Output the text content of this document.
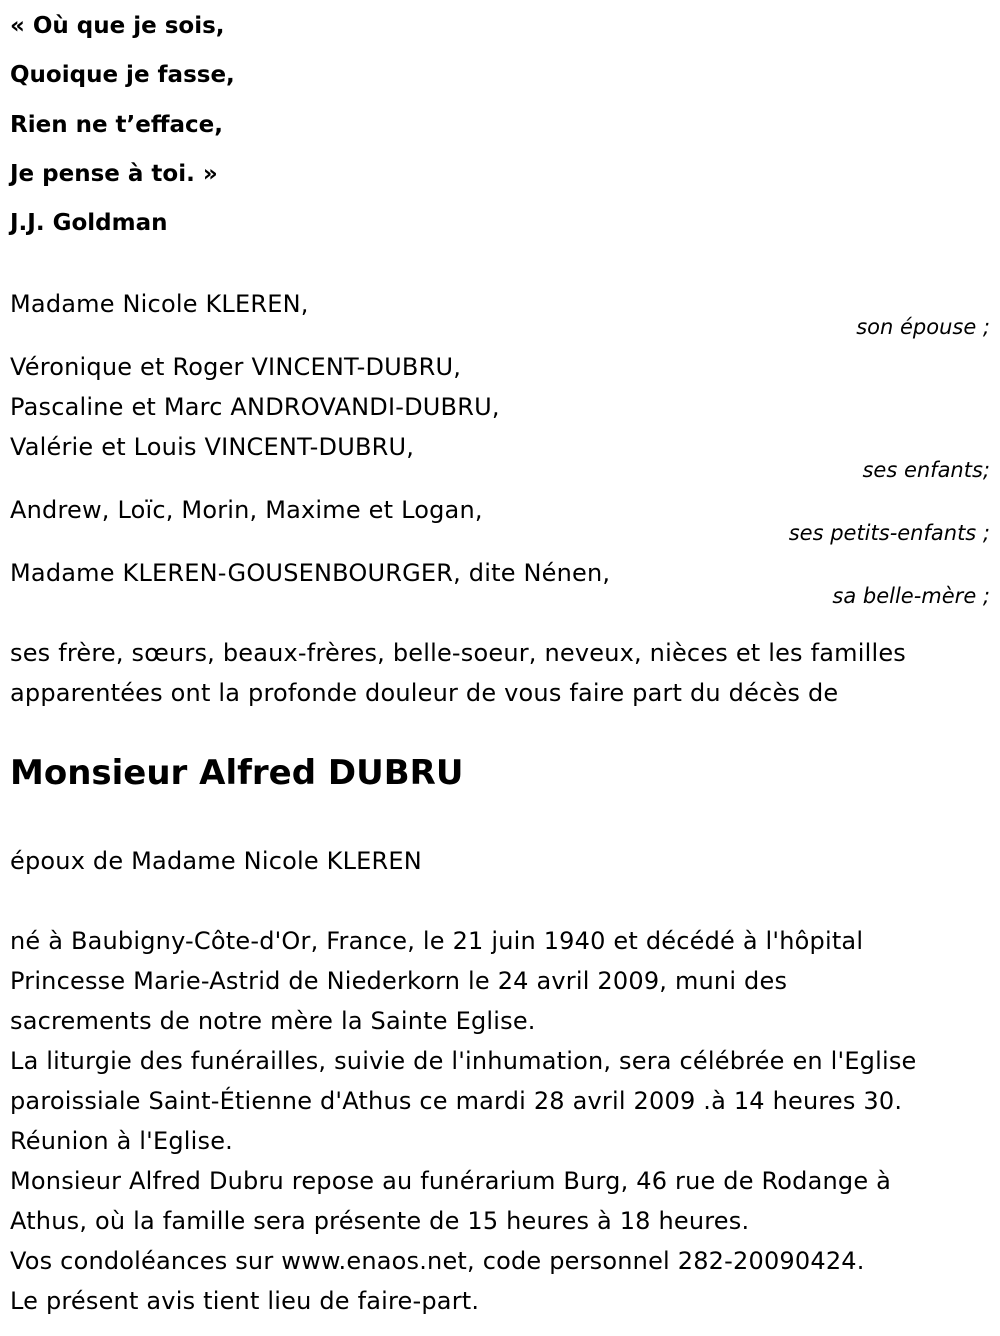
« Où que je sois,
Quoique je fasse,
Rien ne t’efface,
Je pense à toi. »
J.J. Goldman
Madame Nicole KLEREN,
son épouse ;
Véronique et Roger VINCENT-DUBRU,
Pascaline et Marc ANDROVANDI-DUBRU,
Valérie et Louis VINCENT-DUBRU,
ses enfants;
Andrew, Loïc, Morin, Maxime et Logan,
ses petits-enfants ;
Madame KLEREN-GOUSENBOURGER, dite Nénen,
sa belle-mère ;
ses frère, sœurs, beaux-frères, belle-soeur, neveux, nièces et les familles
apparentées ont la profonde douleur de vous faire part du décès de
Monsieur Alfred DUBRU
époux de Madame Nicole KLEREN
né à Baubigny-Côte-d'Or, France, le 21 juin 1940 et décédé à l'hôpital
Princesse Marie-Astrid de Niederkorn le 24 avril 2009, muni des
sacrements de notre mère la Sainte Eglise.
La liturgie des funérailles, suivie de l'inhumation, sera célébrée en l'Eglise
paroissiale Saint-Étienne d'Athus ce mardi 28 avril 2009 .à 14 heures 30.
Réunion à l'Eglise.
Monsieur Alfred Dubru repose au funérarium Burg, 46 rue de Rodange à
Athus, où la famille sera présente de 15 heures à 18 heures.
Vos condoléances sur www.enaos.net, code personnel 282-20090424.
Le présent avis tient lieu de faire-part.
